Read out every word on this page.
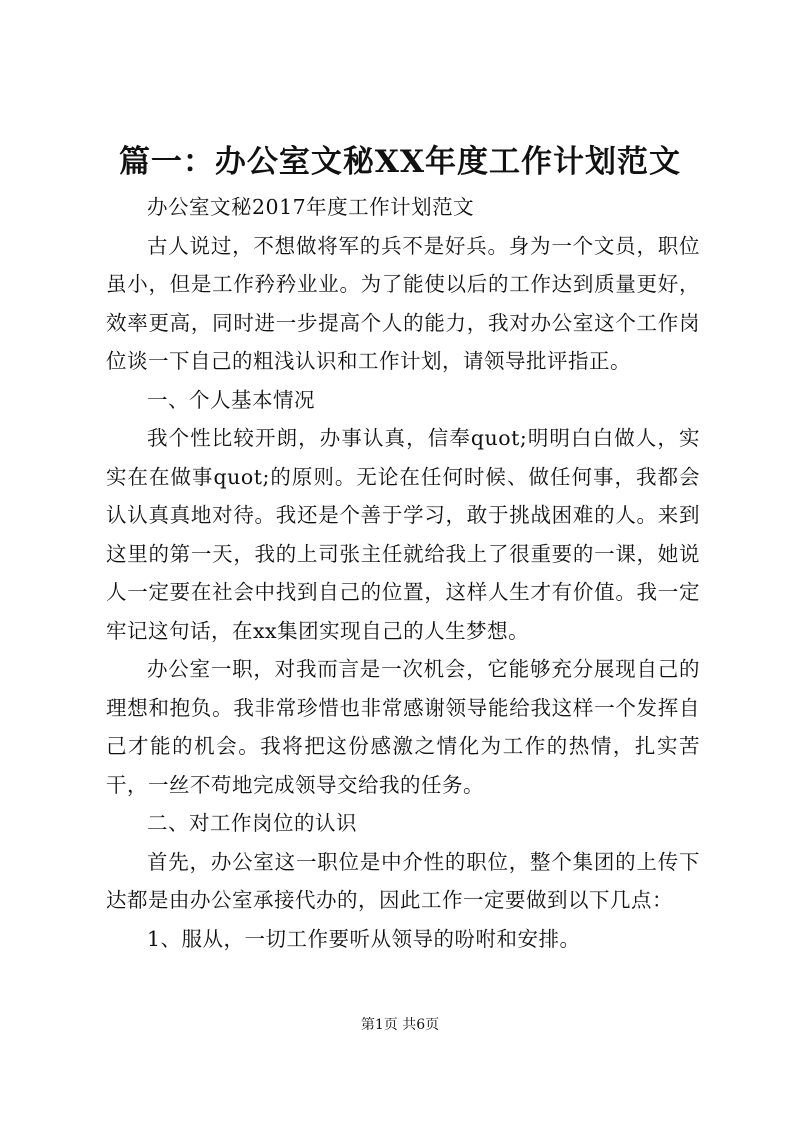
篇一：办公室文秘XX年度工作计划范文

办公室文秘2017年度工作计划范文

古人说过，不想做将军的兵不是好兵。身为一个文员，职位虽小，但是工作矜矜业业。为了能使以后的工作达到质量更好，效率更高，同时进一步提高个人的能力，我对办公室这个工作岗位谈一下自己的粗浅认识和工作计划，请领导批评指正。

一、个人基本情况

我个性比较开朗，办事认真，信奉quot;明明白白做人，实实在在做事quot;的原则。无论在任何时候、做任何事，我都会认认真真地对待。我还是个善于学习，敢于挑战困难的人。来到这里的第一天，我的上司张主任就给我上了很重要的一课，她说人一定要在社会中找到自己的位置，这样人生才有价值。我一定牢记这句话，在xx集团实现自己的人生梦想。

办公室一职，对我而言是一次机会，它能够充分展现自己的理想和抱负。我非常珍惜也非常感谢领导能给我这样一个发挥自己才能的机会。我将把这份感激之情化为工作的热情，扎实苦干，一丝不苟地完成领导交给我的任务。

二、对工作岗位的认识

首先，办公室这一职位是中介性的职位，整个集团的上传下达都是由办公室承接代办的，因此工作一定要做到以下几点：

1、服从，一切工作要听从领导的吩咐和安排。

第1页 共6页
